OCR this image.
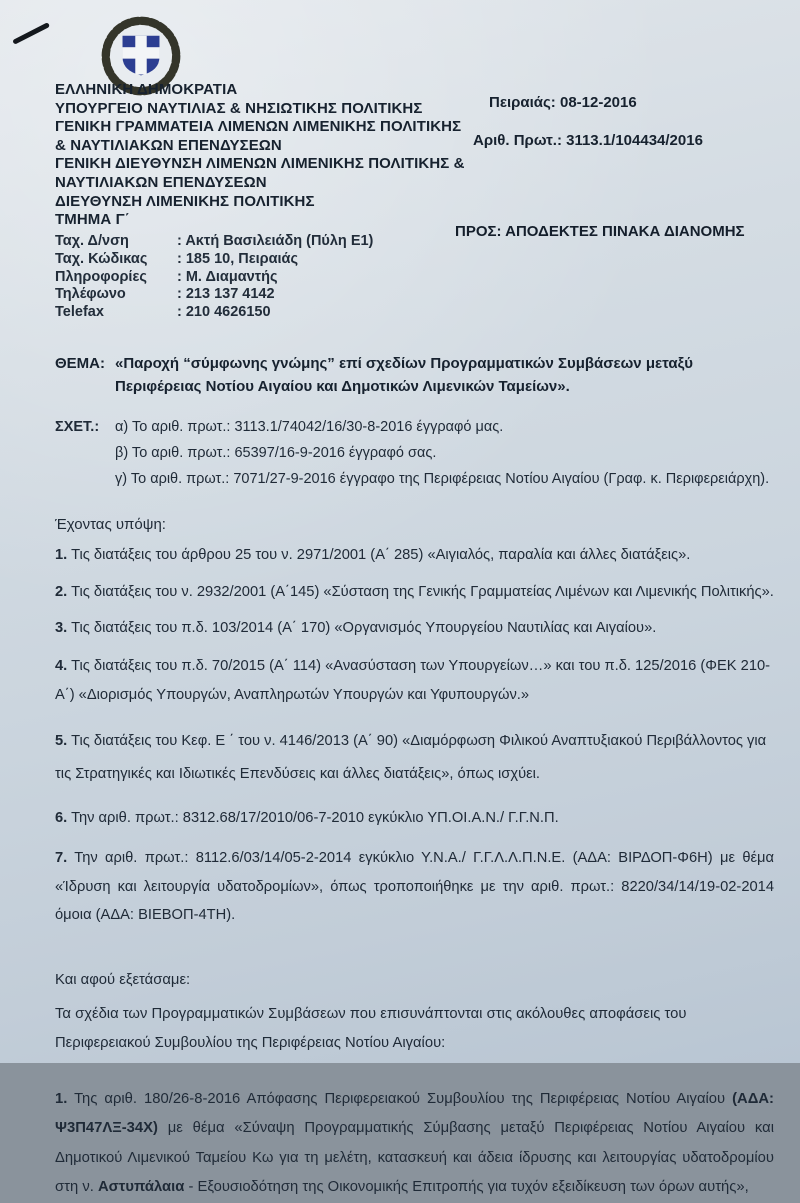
ΕΛΛΗΝΙΚΗ ΔΗΜΟΚΡΑΤΙΑ
ΥΠΟΥΡΓΕΙΟ ΝΑΥΤΙΛΙΑΣ & ΝΗΣΙΩΤΙΚΗΣ ΠΟΛΙΤΙΚΗΣ
ΓΕΝΙΚΗ ΓΡΑΜΜΑΤΕΙΑ ΛΙΜΕΝΩΝ ΛΙΜΕΝΙΚΗΣ ΠΟΛΙΤΙΚΗΣ
& ΝΑΥΤΙΛΙΑΚΩΝ ΕΠΕΝΔΥΣΕΩΝ
ΓΕΝΙΚΗ ΔΙΕΥΘΥΝΣΗ ΛΙΜΕΝΩΝ ΛΙΜΕΝΙΚΗΣ ΠΟΛΙΤΙΚΗΣ &
ΝΑΥΤΙΛΙΑΚΩΝ ΕΠΕΝΔΥΣΕΩΝ
ΔΙΕΥΘΥΝΣΗ ΛΙΜΕΝΙΚΗΣ ΠΟΛΙΤΙΚΗΣ
ΤΜΗΜΑ Γ΄
Πειραιάς: 08-12-2016
Αριθ. Πρωτ.: 3113.1/104434/2016
ΠΡΟΣ: ΑΠΟΔΕΚΤΕΣ ΠΙΝΑΚΑ ΔΙΑΝΟΜΗΣ
Ταχ. Δ/νση	: Ακτή Βασιλειάδη (Πύλη Ε1)
Ταχ. Κώδικας	: 185 10, Πειραιάς
Πληροφορίες	: Μ. Διαμαντής
Τηλέφωνο	: 213 137 4142
Telefax	: 210 4626150
ΘΕΜΑ: «Παροχή “σύμφωνης γνώμης” επί σχεδίων Προγραμματικών Συμβάσεων μεταξύ Περιφέρειας Νοτίου Αιγαίου και Δημοτικών Λιμενικών Ταμείων».
ΣΧΕΤ.:	α) Το αριθ. πρωτ.: 3113.1/74042/16/30-8-2016 έγγραφό μας.
β) Το αριθ. πρωτ.: 65397/16-9-2016 έγγραφό σας.
γ) Το αριθ. πρωτ.: 7071/27-9-2016 έγγραφο της Περιφέρειας Νοτίου Αιγαίου (Γραφ. κ. Περιφερειάρχη).
Έχοντας υπόψη:

1. Τις διατάξεις του άρθρου 25 του ν. 2971/2001 (Α΄ 285) «Αιγιαλός, παραλία και άλλες διατάξεις».

2. Τις διατάξεις του ν. 2932/2001 (Α΄145) «Σύσταση της Γενικής Γραμματείας Λιμένων και Λιμενικής Πολιτικής».

3. Τις διατάξεις του π.δ. 103/2014 (Α΄ 170) «Οργανισμός Υπουργείου Ναυτιλίας και Αιγαίου».

4. Τις διατάξεις του π.δ. 70/2015 (Α΄ 114) «Ανασύσταση των Υπουργείων…» και του π.δ. 125/2016 (ΦΕΚ 210-Α΄) «Διορισμός Υπουργών, Αναπληρωτών Υπουργών και Υφυπουργών.»

5. Τις διατάξεις του Κεφ. Ε ΄ του ν. 4146/2013 (Α΄ 90) «Διαμόρφωση Φιλικού Αναπτυξιακού Περιβάλλοντος για τις Στρατηγικές και Ιδιωτικές Επενδύσεις και άλλες διατάξεις», όπως ισχύει.

6. Την αριθ. πρωτ.: 8312.68/17/2010/06-7-2010 εγκύκλιο ΥΠ.ΟΙ.Α.Ν./ Γ.Γ.Ν.Π.

7. Την αριθ. πρωτ.: 8112.6/03/14/05-2-2014 εγκύκλιο Υ.Ν.Α./ Γ.Γ.Λ.Λ.Π.Ν.Ε. (ΑΔΑ: ΒΙΡΔΟΠ-Φ6Η) με θέμα «Ίδρυση και λειτουργία υδατοδρομίων», όπως τροποποιήθηκε με την αριθ. πρωτ.: 8220/34/14/19-02-2014 όμοια (ΑΔΑ: ΒΙΕΒΟΠ-4ΤΗ).

Και αφού εξετάσαμε:

Τα σχέδια των Προγραμματικών Συμβάσεων που επισυνάπτονται στις ακόλουθες αποφάσεις του Περιφερειακού Συμβουλίου της Περιφέρειας Νοτίου Αιγαίου:

1. Της αριθ. 180/26-8-2016 Απόφασης Περιφερειακού Συμβουλίου της Περιφέρειας Νοτίου Αιγαίου (ΑΔΑ: Ψ3Π47ΛΞ-34Χ) με θέμα «Σύναψη Προγραμματικής Σύμβασης μεταξύ Περιφέρειας Νοτίου Αιγαίου και Δημοτικού Λιμενικού Ταμείου Κω για τη μελέτη, κατασκευή και άδεια ίδρυσης και λειτουργίας υδατοδρομίου στη ν. Αστυπάλαια - Εξουσιοδότηση της Οικονομικής Επιτροπής για τυχόν εξειδίκευση των όρων αυτής»,
